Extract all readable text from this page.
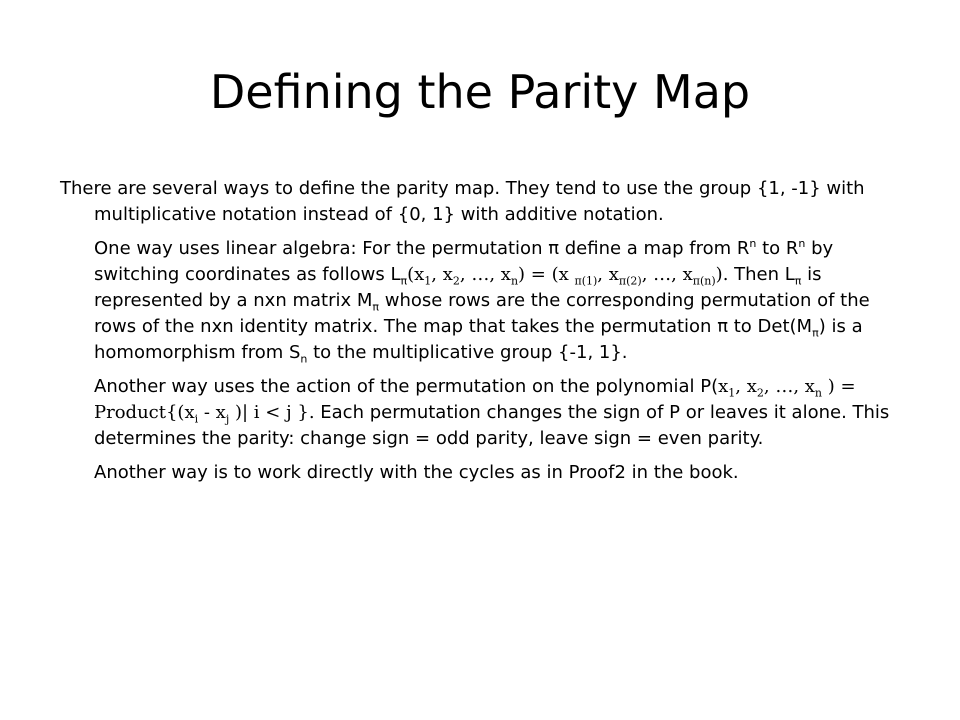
Defining the Parity Map

There are several ways to define the parity map. They tend to use the group {1, -1} with multiplicative notation instead of {0, 1} with additive notation.

One way uses linear algebra: For the permutation π define a map from $R^n$ to $R^n$ by switching coordinates as follows $L_\pi(x_1$, $x_2$, …, $x_n) = (x$ $_{\pi(1)}$, $x_{\pi(2)}$, …, $x_{\pi(n)}$). Then $L_\pi$ is represented by a nxn matrix $M_\pi$ whose rows are the corresponding permutation of the rows of the nxn identity matrix. The map that takes the permutation π to $Det(M_\pi)$ is a homomorphism from $S_n$ to the multiplicative group {-1, 1}.

Another way uses the action of the permutation on the polynomial $P(x_1$, $x_2$, …, $x_n$ ) = $Product\{(x_i - x_j$ )| i < j }. Each permutation changes the sign of P or leaves it alone. This determines the parity: change sign = odd parity, leave sign = even parity.

Another way is to work directly with the cycles as in Proof2 in the book.
